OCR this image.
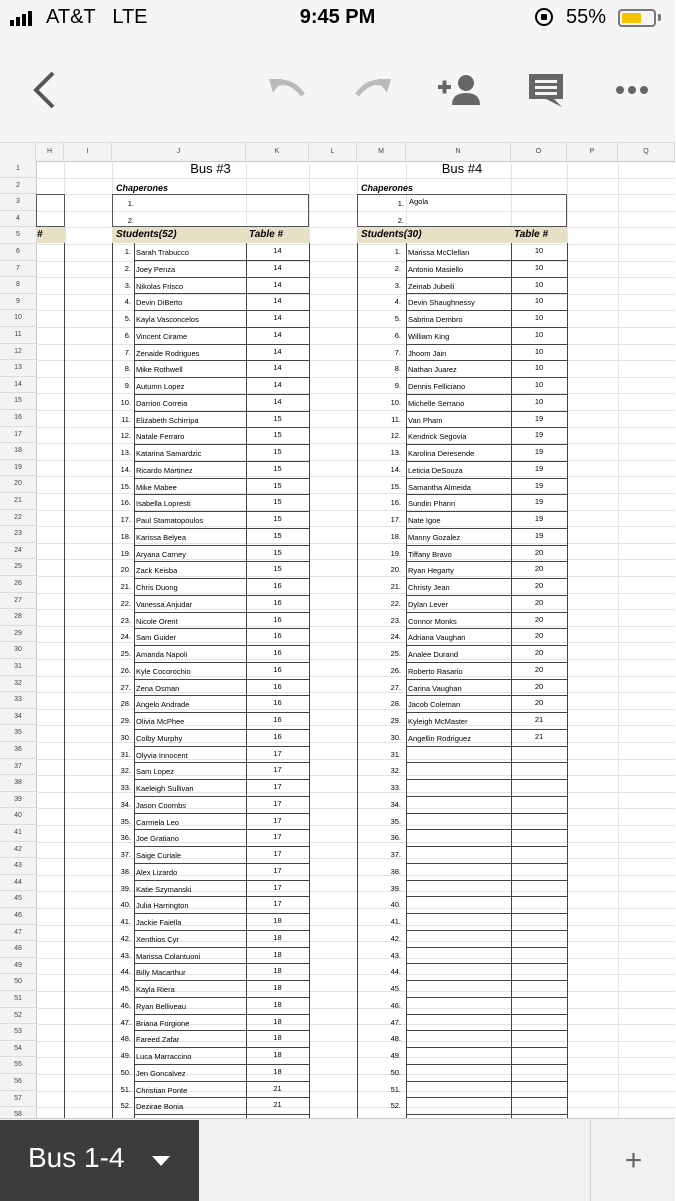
AT&T LTE	9:45 PM	55%
H	I	J	K	L	M	N	O	P	Q
1
2
3
4
5
6
7
8
9
10
11
12
13
14
15
16
17
18
19
20
21
22
23
24
25
26
27
28
29
30
31
32
33
34
35
36
37
38
39
40
41
42
43
44
45
46
47
48
49
50
51
52
53
54
55
56
57
58
#
Bus #3
Chaperones
1.
2.
Students(52)	Table #
1. Sarah Trabucco	14
2. Joey Penza	14
3. Nikolas Frisco	14
4. Devin DiBerto	14
5. Kayla Vasconcelos	14
6. Vincent Cirame	14
7. Zenaide Rodrigues	14
8. Mike Rothwell	14
9. Autumn Lopez	14
10. Darrion Correia	14
11. Elizabeth Schirripa	15
12. Natale Ferraro	15
13. Katarina Samardzic	15
14. Ricardo Martinez	15
15. Mike Mabee	15
16. Isabella Lopresti	15
17. Paul Stamatopoulos	15
18. Karissa Belyea	15
19. Aryana Carney	15
20. Zack Keisba	15
21. Chris Duong	16
22. Vanessa Anjudar	16
23. Nicole Orent	16
24. Sam Guider	16
25. Amanda Napoli	16
26. Kyle Cocorochio	16
27. Zena Osman	16
28. Angelo Andrade	16
29. Olivia McPhee	16
30. Colby Murphy	16
31. Olyvia Innocent	17
32. Sam Lopez	17
33. Kaeleigh Sullivan	17
34. Jason Coombs	17
35. Carmela Leo	17
36. Joe Gratiano	17
37. Saige Curiale	17
38. Alex Lizardo	17
39. Katie Szymanski	17
40. Julia Harrington	17
41. Jackie Faiella	18
42. Xenthios Cyr	18
43. Marissa Colantuoni	18
44. Billy Macarthur	18
45. Kayla Riera	18
46. Ryan Belliveau	18
47. Briana Forgione	18
48. Fareed Zafar	18
49. Luca Marraccino	18
50. Jen Goncalvez	18
51. Christian Ponte	21
52. Dezirae Bonia	21
Bus #4
Chaperones
1. Agola
2.
Students(30)	Table #
1. Marissa McClellan	10
2. Antonio Masiello	10
3. Zeinab Jubeili	10
4. Devin Shaughnessy	10
5. Sabrina Dembro	10
6. William King	10
7. Jhoom Jain	10
8. Nathan Juarez	10
9. Dennis Felliciano	10
10. Michelle Serrano	10
11. Van Pham	19
12. Kendrick Segovia	19
13. Karolina Deresende	19
14. Leticia DeSouza	19
15. Samantha Almeida	19
16. Sundin Phann	19
17. Nate Igoe	19
18. Manny Gozalez	19
19. Tiffany Bravo	20
20. Ryan Hegarty	20
21. Christy Jean	20
22. Dylan Lever	20
23. Connor Monks	20
24. Adriana Vaughan	20
25. Analee Durand	20
26. Roberto Rasario	20
27. Carina Vaughan	20
28. Jacob Coleman	20
29. Kyleigh McMaster	21
30. Angellin Rodriguez	21
31.
32.
33.
34.
35.
36.
37.
38.
39.
40.
41.
42.
43.
44.
45.
46.
47.
48.
49.
50.
51.
52.
Bus 1-4	+
